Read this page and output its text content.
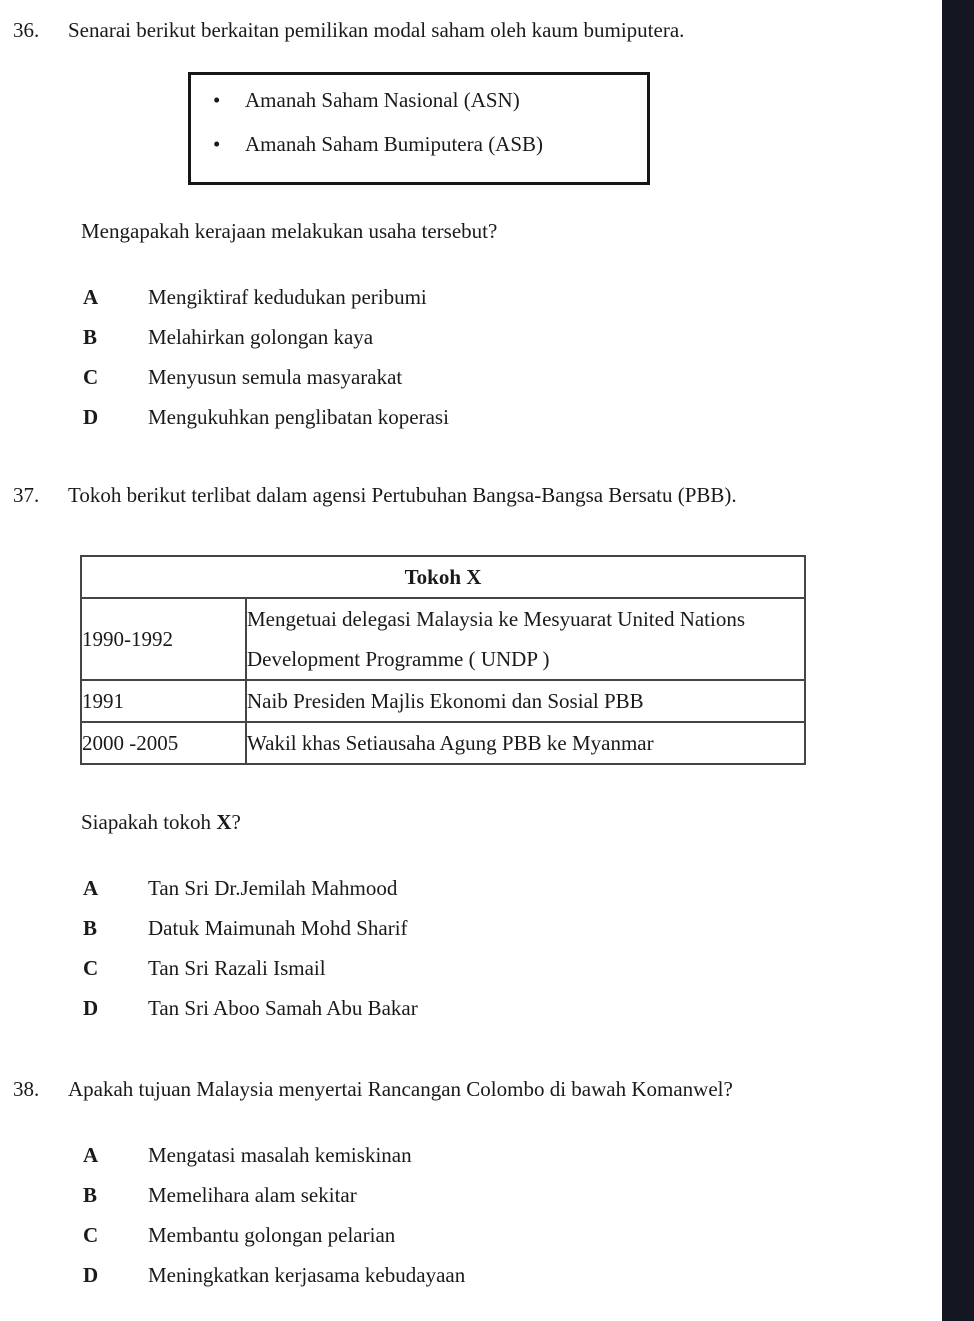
36.	Senarai berikut berkaitan pemilikan modal saham oleh kaum bumiputera.
•	Amanah Saham Nasional (ASN)
•	Amanah Saham Bumiputera (ASB)
Mengapakah kerajaan melakukan usaha tersebut?
A	Mengiktiraf kedudukan peribumi
B	Melahirkan golongan kaya
C	Menyusun semula masyarakat
D	Mengukuhkan penglibatan koperasi
37.	Tokoh berikut terlibat dalam agensi Pertubuhan Bangsa-Bangsa Bersatu (PBB).
Tokoh X	
1990-1992	Mengetuai delegasi Malaysia ke Mesyuarat United Nations Development Programme ( UNDP )
1991	Naib Presiden Majlis Ekonomi dan Sosial PBB
2000 -2005	Wakil khas Setiausaha Agung PBB ke Myanmar
Siapakah tokoh X?
A	Tan Sri Dr.Jemilah Mahmood
B	Datuk Maimunah Mohd Sharif
C	Tan Sri Razali Ismail
D	Tan Sri Aboo Samah Abu Bakar
38.	Apakah tujuan Malaysia menyertai Rancangan Colombo di bawah Komanwel?
A	Mengatasi masalah kemiskinan
B	Memelihara alam sekitar
C	Membantu golongan pelarian
D	Meningkatkan kerjasama kebudayaan
